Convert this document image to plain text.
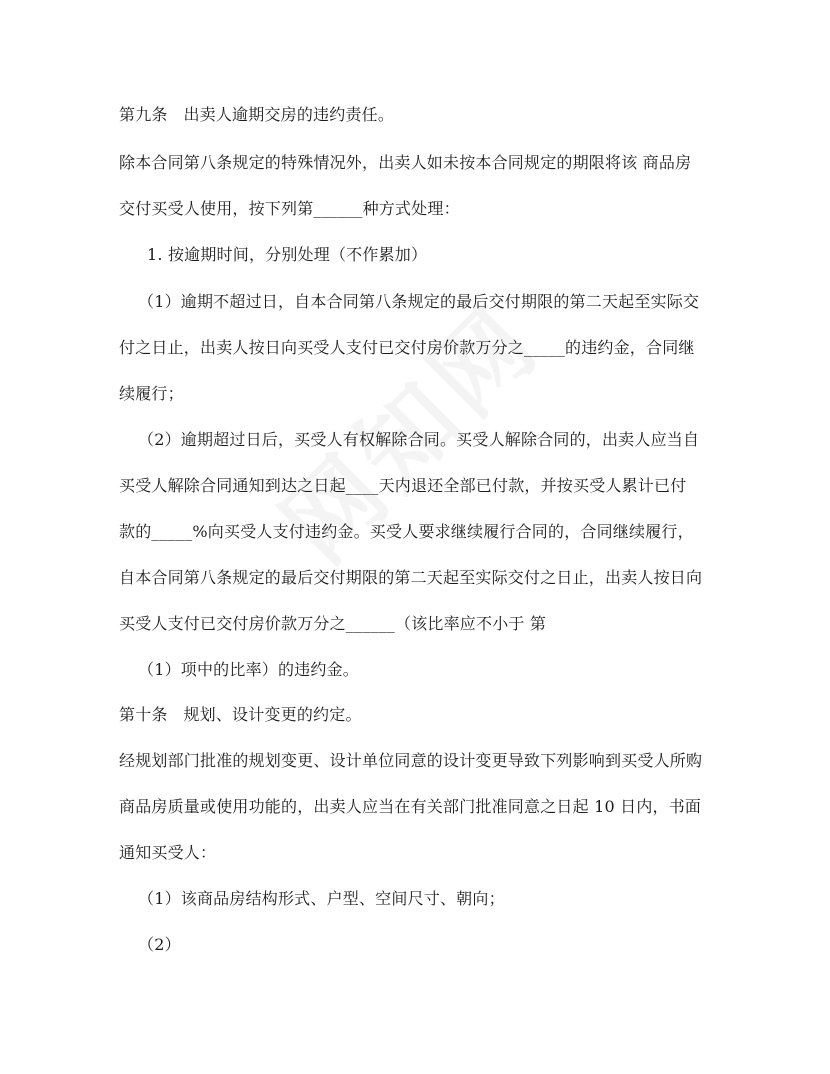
第九条   出卖人逾期交房的违约责任。
除本合同第八条规定的特殊情况外，出卖人如未按本合同规定的期限将该 商品房
交付买受人使用，按下列第______种方式处理：
1. 按逾期时间，分别处理（不作累加）
（1）逾期不超过日，自本合同第八条规定的最后交付期限的第二天起至实际交
付之日止，出卖人按日向买受人支付已交付房价款万分之_____的违约金，合同继
续履行；
（2）逾期超过日后，买受人有权解除合同。买受人解除合同的，出卖人应当自
买受人解除合同通知到达之日起____天内退还全部已付款，并按买受人累计已付
款的_____%向买受人支付违约金。买受人要求继续履行合同的，合同继续履行，
自本合同第八条规定的最后交付期限的第二天起至实际交付之日止，出卖人按日向
买受人支付已交付房价款万分之______（该比率应不小于 第
（1）项中的比率）的违约金。
第十条   规划、设计变更的约定。
经规划部门批准的规划变更、设计单位同意的设计变更导致下列影响到买受人所购
商品房质量或使用功能的，出卖人应当在有关部门批准同意之日起 10 日内，书面
通知买受人：
（1）该商品房结构形式、户型、空间尺寸、朝向；
（2）
